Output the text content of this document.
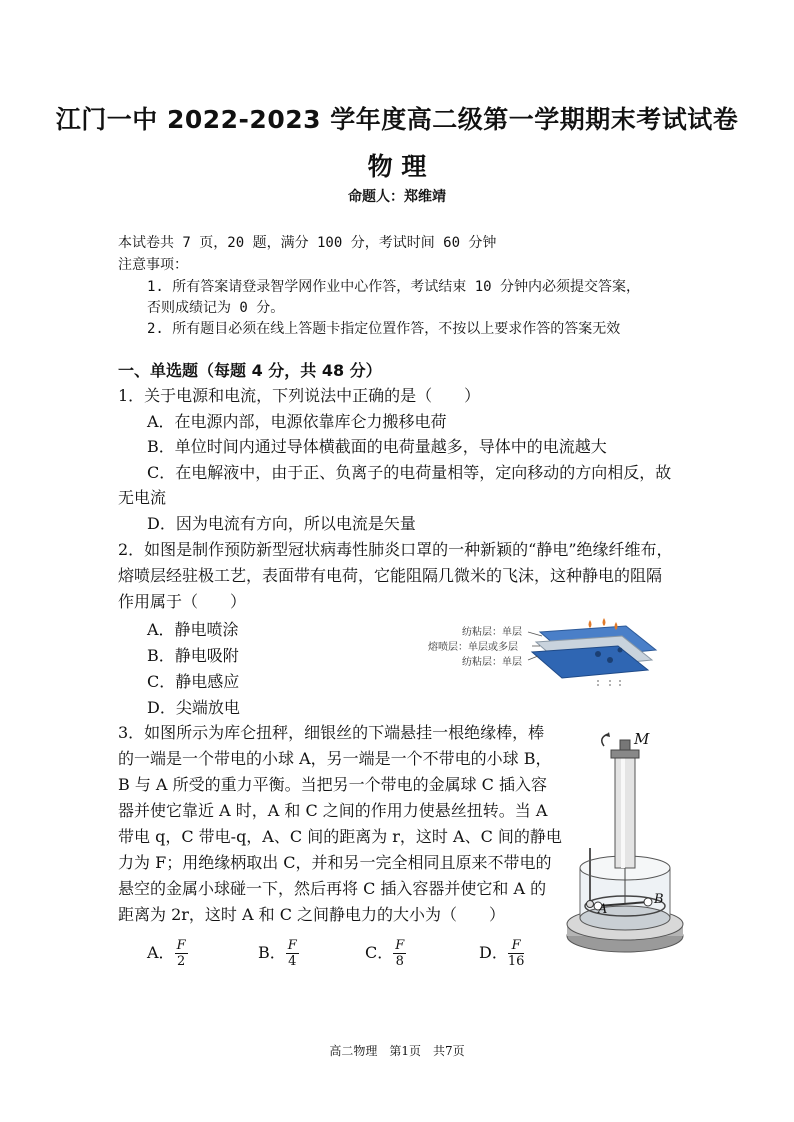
江门一中 2022-2023 学年度高二级第一学期期末考试试卷
物 理
命题人：郑维靖
本试卷共 7 页，20 题，满分 100 分，考试时间 60 分钟
注意事项：
1. 所有答案请登录智学网作业中心作答，考试结束 10 分钟内必须提交答案，
否则成绩记为 0 分。
2. 所有题目必须在线上答题卡指定位置作答，不按以上要求作答的答案无效
一、单选题（每题 4 分，共 48 分）
1．关于电源和电流，下列说法中正确的是（　　）
A．在电源内部，电源依靠库仑力搬移电荷
B．单位时间内通过导体横截面的电荷量越多，导体中的电流越大
C．在电解液中，由于正、负离子的电荷量相等，定向移动的方向相反，故
无电流
D．因为电流有方向，所以电流是矢量
2．如图是制作预防新型冠状病毒性肺炎口罩的一种新颖的“静电”绝缘纤维布，
熔喷层经驻极工艺，表面带有电荷，它能阻隔几微米的飞沫，这种静电的阻隔
作用属于（　　）
A．静电喷涂
B．静电吸附
C．静电感应
D．尖端放电
纺粘层：单层
熔喷层：单层或多层
纺粘层：单层
3．如图所示为库仑扭秤，细银丝的下端悬挂一根绝缘棒，棒
的一端是一个带电的小球 A，另一端是一个不带电的小球 B，
B 与 A 所受的重力平衡。当把另一个带电的金属球 C 插入容
器并使它靠近 A 时，A 和 C 之间的作用力使悬丝扭转。当 A
带电 q，C 带电-q，A、C 间的距离为 r，这时 A、C 间的静电
力为 F；用绝缘柄取出 C，并和另一完全相同且原来不带电的
悬空的金属小球碰一下，然后再将 C 插入容器并使它和 A 的
距离为 2r，这时 A 和 C 之间静电力的大小为（　　）
A． $\frac{F}{2}$	B． $\frac{F}{4}$	C． $\frac{F}{8}$	D． $\frac{F}{16}$
M
A
B
高二物理　第1页　共7页
